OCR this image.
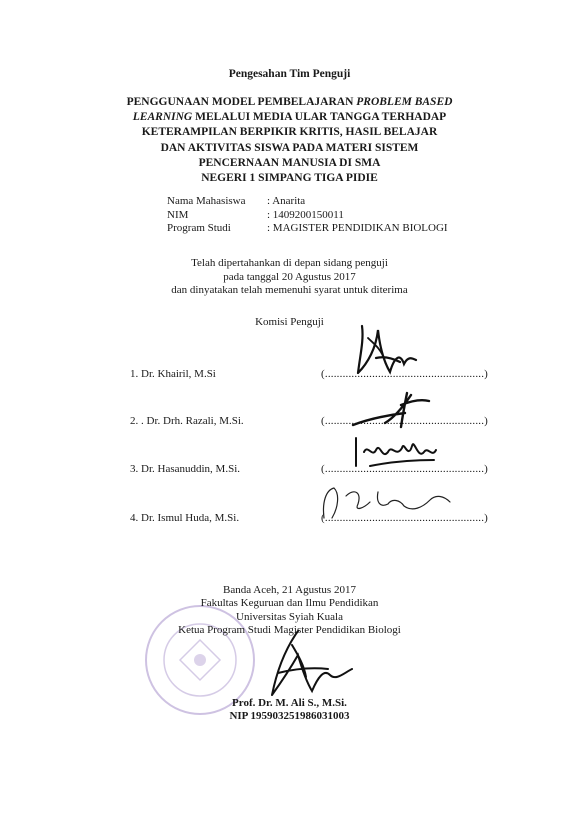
Pengesahan Tim Penguji
PENGGUNAAN MODEL PEMBELAJARAN PROBLEM BASED
LEARNING MELALUI MEDIA ULAR TANGGA TERHADAP
KETERAMPILAN BERPIKIR KRITIS, HASIL BELAJAR
DAN AKTIVITAS SISWA PADA MATERI SISTEM
PENCERNAAN MANUSIA DI SMA
NEGERI 1 SIMPANG TIGA PIDIE
Nama Mahasiswa	: Anarita
NIM	: 1409200150011
Program Studi	: MAGISTER PENDIDIKAN BIOLOGI
Telah dipertahankan di depan sidang penguji
pada tanggal 20 Agustus 2017
dan dinyatakan telah memenuhi syarat untuk diterima
Komisi Penguji
1. Dr. Khairil, M.Si	(......................................................)
2. . Dr. Drh. Razali, M.Si.	(......................................................)
3. Dr. Hasanuddin, M.Si.	(......................................................)
4. Dr. Ismul Huda, M.Si.	(......................................................)
Banda Aceh, 21 Agustus 2017
Fakultas Keguruan dan Ilmu Pendidikan
Universitas Syiah Kuala
Ketua Program Studi Magister Pendidikan Biologi
Prof. Dr. M. Ali S., M.Si.
NIP 195903251986031003
